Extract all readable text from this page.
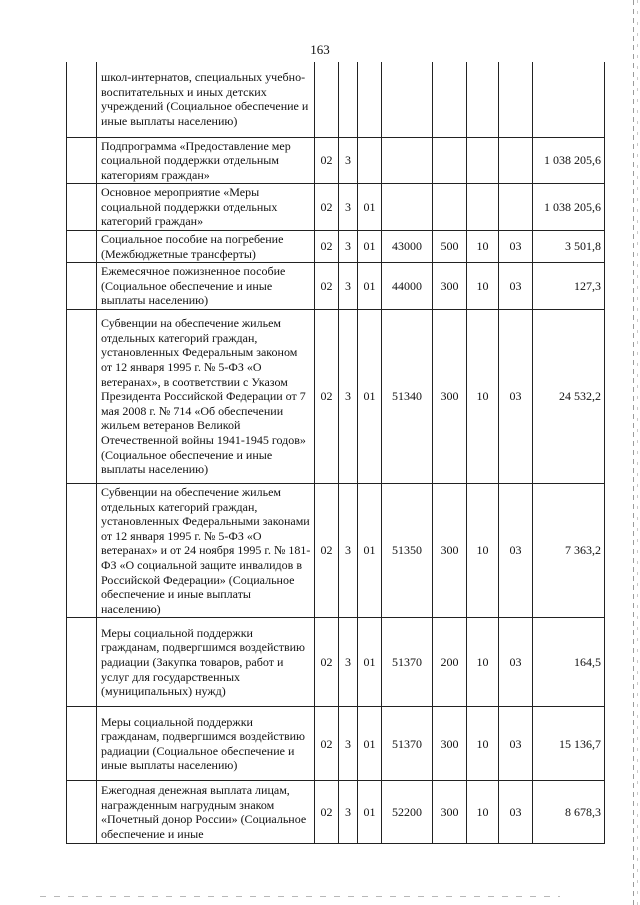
163
	школ-интернатов, специальных учебно-воспитательных и иных детских учреждений (Социальное обеспечение и иные выплаты населению)								
	Подпрограмма «Предоставление мер социальной поддержки отдельным категориям граждан»	02	3						1 038 205,6
	Основное мероприятие «Меры социальной поддержки отдельных категорий граждан»	02	3	01					1 038 205,6
	Социальное пособие на погребение (Межбюджетные трансферты)	02	3	01	43000	500	10	03	3 501,8
	Ежемесячное пожизненное пособие (Социальное обеспечение и иные выплаты населению)	02	3	01	44000	300	10	03	127,3
	Субвенции на обеспечение жильем отдельных категорий граждан, установленных Федеральным законом от 12 января 1995 г. № 5-ФЗ «О ветеранах», в соответствии с Указом Президента Российской Федерации от 7 мая 2008 г. № 714 «Об обеспечении жильем ветеранов Великой Отечественной войны 1941-1945 годов» (Социальное обеспечение и иные выплаты населению)	02	3	01	51340	300	10	03	24 532,2
	Субвенции на обеспечение жильем отдельных категорий граждан, установленных Федеральными законами от 12 января 1995 г. № 5-ФЗ «О ветеранах» и от 24 ноября 1995 г. № 181-ФЗ «О социальной защите инвалидов в Российской Федерации» (Социальное обеспечение и иные выплаты населению)	02	3	01	51350	300	10	03	7 363,2
	Меры социальной поддержки гражданам, подвергшимся воздействию радиации (Закупка товаров, работ и услуг для государственных (муниципальных) нужд)	02	3	01	51370	200	10	03	164,5
	Меры социальной поддержки гражданам, подвергшимся воздействию радиации (Социальное обеспечение и иные выплаты населению)	02	3	01	51370	300	10	03	15 136,7
	Ежегодная денежная выплата лицам, награжденным нагрудным знаком «Почетный донор России» (Социальное обеспечение и иные	02	3	01	52200	300	10	03	8 678,3
